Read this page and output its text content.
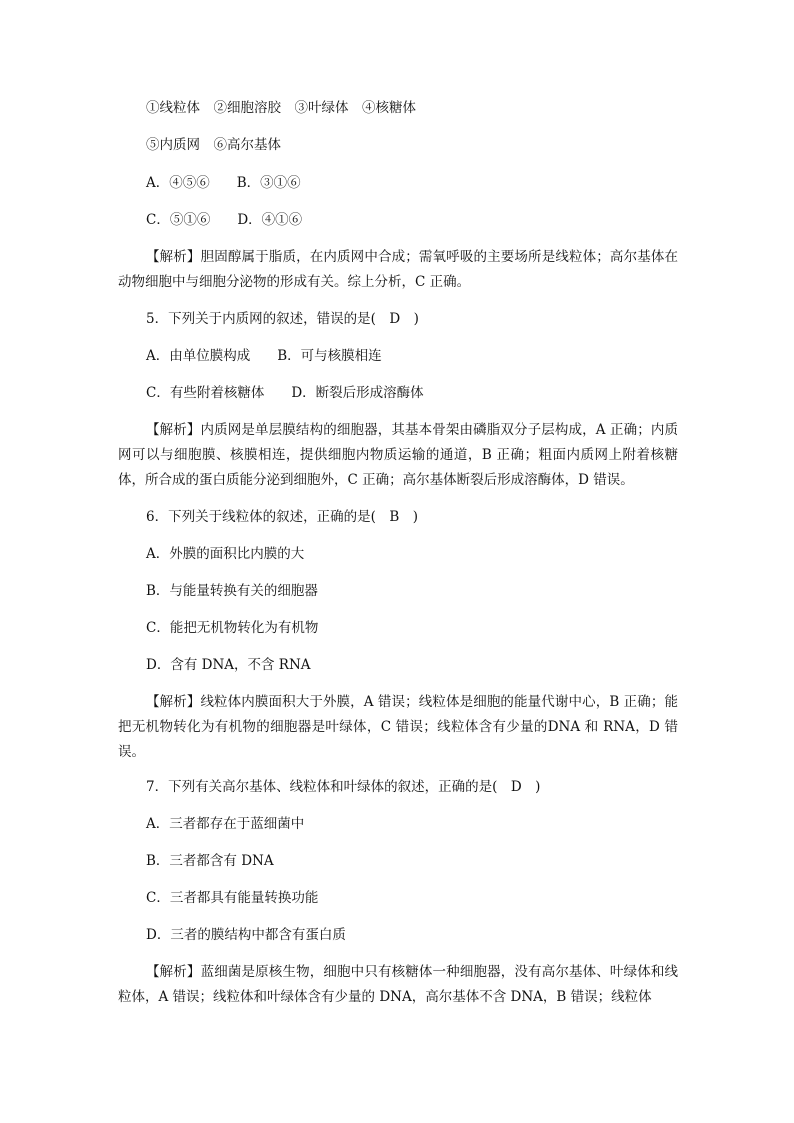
①线粒体　②细胞溶胶　③叶绿体　④核糖体
⑤内质网　⑥高尔基体
A．④⑤⑥　　B．③①⑥
C．⑤①⑥　　D．④①⑥
【解析】胆固醇属于脂质，在内质网中合成；需氧呼吸的主要场所是线粒体；高尔基体在动物细胞中与细胞分泌物的形成有关。综上分析，C 正确。
5．下列关于内质网的叙述，错误的是(　D　)
A．由单位膜构成　　B．可与核膜相连
C．有些附着核糖体　　D．断裂后形成溶酶体
【解析】内质网是单层膜结构的细胞器，其基本骨架由磷脂双分子层构成，A 正确；内质网可以与细胞膜、核膜相连，提供细胞内物质运输的通道，B 正确；粗面内质网上附着核糖体，所合成的蛋白质能分泌到细胞外，C 正确；高尔基体断裂后形成溶酶体，D 错误。
6．下列关于线粒体的叙述，正确的是(　B　)
A．外膜的面积比内膜的大
B．与能量转换有关的细胞器
C．能把无机物转化为有机物
D．含有 DNA，不含 RNA
【解析】线粒体内膜面积大于外膜，A 错误；线粒体是细胞的能量代谢中心，B 正确；能把无机物转化为有机物的细胞器是叶绿体，C 错误；线粒体含有少量的DNA 和 RNA，D 错误。
7．下列有关高尔基体、线粒体和叶绿体的叙述，正确的是(　D　)
A．三者都存在于蓝细菌中
B．三者都含有 DNA
C．三者都具有能量转换功能
D．三者的膜结构中都含有蛋白质
【解析】蓝细菌是原核生物，细胞中只有核糖体一种细胞器，没有高尔基体、叶绿体和线粒体，A 错误；线粒体和叶绿体含有少量的 DNA，高尔基体不含 DNA，B 错误；线粒体
